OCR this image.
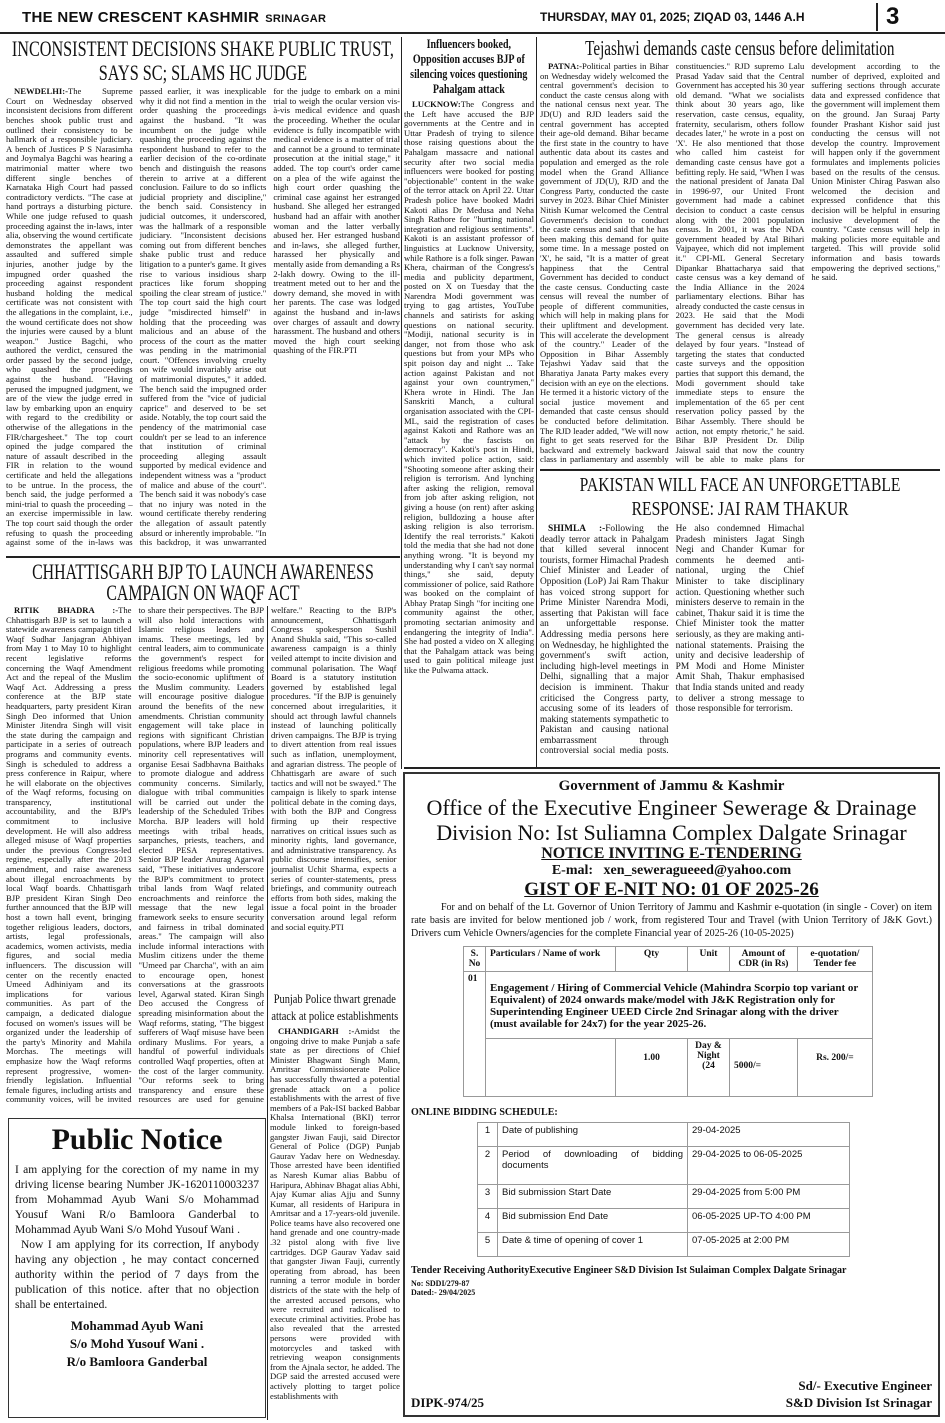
THE NEW CRESCENT KASHMIR SRINAGAR	THURSDAY, MAY 01, 2025; ZIQAD 03, 1446 A.H	3
INCONSISTENT DECISIONS SHAKE PUBLIC TRUST, SAYS SC; SLAMS HC JUDGE

NEWDELHI:-The Supreme Court on Wednesday observed inconsistent decisions from different benches shook public trust and outlined their consistency to be hallmark of a responsible judiciary. A bench of Justices P S Narasimha and Joymalya Bagchi was hearing a matrimonial matter where two different single benches of Karnataka High Court had passed contradictory verdicts. "The case at hand portrays a disturbing picture. While one judge refused to quash proceeding against the in-laws, inter alia, observing the wound certificate demonstrates the appellant was assaulted and suffered simple injuries, another judge by the impugned order quashed the proceeding against respondent husband holding the medical certificate was not consistent with the allegations in the complaint, i.e., the wound certificate does not show the injuries were caused by a blunt weapon." Justice Bagchi, who authored the verdict, censured the order passed by the second judge, who quashed the proceedings against the husband. "Having perused the impugned judgment, we are of the view the judge erred in law by embarking upon an enquiry with regard to the credibility or otherwise of the allegations in the FIR/chargesheet." The top court opined the judge compared the nature of assault described in the FIR in relation to the wound certificate and held the allegations to be untrue. In the process, the bench said, the judge performed a mini-trial to quash the proceeding – an exercise impermissible in law. The top court said though the order refusing to quash the proceeding against some of the in-laws was passed earlier, it was inexplicable why it did not find a mention in the order quashing the proceedings against the husband. "It was incumbent on the judge while quashing the proceeding against the respondent husband to refer to the earlier decision of the co-ordinate bench and distinguish the reasons therein to arrive at a different conclusion. Failure to do so inflicts judicial propriety and discipline," the bench said. Consistency in judicial outcomes, it underscored, was the hallmark of a responsible judiciary. "Inconsistent decisions coming out from different benches shake public trust and reduce litigation to a punter's game. It gives rise to various insidious sharp practices like forum shopping spoiling the clear stream of justice." The top court said the high court judge "misdirected himself" in holding that the proceeding was malicious and an abuse of the process of the court as the matter was pending in the matrimonial court. "Offences involving cruelty on wife would invariably arise out of matrimonial disputes," it added. The bench said the impugned order suffered from the "vice of judicial caprice" and deserved to be set aside. Notably, the top court said the pendency of the matrimonial case couldn't per se lead to an inference that institution of criminal proceeding alleging assault supported by medical evidence and independent witness was a "product of malice and abuse of the court". The bench said it was nobody's case that no injury was noted in the wound certificate thereby rendering the allegation of assault patently absurd or inherently improbable. "In this backdrop, it was unwarranted for the judge to embark on a mini trial to weigh the ocular version vis-à-vis medical evidence and quash the proceeding. Whether the ocular evidence is fully incompatible with medical evidence is a matter of trial and cannot be a ground to terminate prosecution at the initial stage," it added. The top court's order came on a plea of the wife against the high court order quashing the criminal case against her estranged husband. She alleged her estranged husband had an affair with another woman and the latter verbally abused her. Her estranged husband and in-laws, she alleged further, harassed her physically and mentally aside from demanding a Rs 2-lakh dowry. Owing to the ill-treatment meted out to her and the dowry demand, she moved in with her parents. The case was lodged against the husband and in-laws over charges of assault and dowry harassment. The husband and others moved the high court seeking quashing of the FIR.PTI

Influencers booked, Opposition accuses BJP of silencing voices questioning Pahalgam attack

LUCKNOW:The Congress and the Left have accused the BJP governments at the Centre and in Uttar Pradesh of trying to silence those raising questions about the Pahalgam massacre and national security after two social media influencers were booked for posting "objectionable" content in the wake of the terror attack on April 22. Uttar Pradesh police have booked Madri Kakoti alias Dr Medusa and Neha Singh Rathore for "hurting national integration and religious sentiments". Kakoti is an assistant professor of linguistics at Lucknow University, while Rathore is a folk singer. Pawan Khera, chairman of the Congress's media and publicity department, posted on X on Tuesday that the Narendra Modi government was trying to gag artistes, YouTube channels and satirists for asking questions on national security. "Modiji, national security is in danger, not from those who ask questions but from your MPs who spit poison day and night ... Take action against Pakistan and not against your own countrymen," Khera wrote in Hindi. The Jan Sanskriti Manch, a cultural organisation associated with the CPI-ML, said the registration of cases against Kakoti and Rathore was an "attack by the fascists on democracy". Kakoti's post in Hindi, which invited police action, said: "Shooting someone after asking their religion is terrorism. And lynching after asking the religion, removal from job after asking religion, not giving a house (on rent) after asking religion, bulldozing a house after asking religion is also terrorism. Identify the real terrorists." Kakoti told the media that she had not done anything wrong. "It is beyond my understanding why I can't say normal things," she said, deputy commissioner of police, said Rathore was booked on the complaint of Abhay Pratap Singh "for inciting one community against the other, promoting sectarian animosity and endangering the integrity of India". She had posted a video on X alleging that the Pahalgam attack was being used to gain political mileage just like the Pulwama attack.

Tejashwi demands caste census before delimitation

PATNA:-Political parties in Bihar on Wednesday widely welcomed the central government's decision to conduct the caste census along with the national census next year. The JD(U) and RJD leaders said the central government has accepted their age-old demand. Bihar became the first state in the country to have authentic data about its castes and population and emerged as the role model when the Grand Alliance government of JD(U), RJD and the Congress Party, conducted the caste survey in 2023. Bihar Chief Minister Nitish Kumar welcomed the Central Government's decision to conduct the caste census and said that he has been making this demand for quite some time. In a message posted on 'X', he said, "It is a matter of great happiness that the Central Government has decided to conduct the caste census. Conducting caste census will reveal the number of people of different communities, which will help in making plans for their upliftment and development. This will accelerate the development of the country." Leader of the Opposition in Bihar Assembly Tejashwi Yadav said that the Bharatiya Janata Party makes every decision with an eye on the elections. He termed it a historic victory of the social justice movement and demanded that caste census should be conducted before delimitation. The RJD leader added, "We will now fight to get seats reserved for the backward and extremely backward class in parliamentary and assembly constituencies." RJD supremo Lalu Prasad Yadav said that the Central Government has accepted his 30 year old demand. "What we socialists think about 30 years ago, like reservation, caste census, equality, fraternity, secularism, others follow decades later," he wrote in a post on 'X'. He also mentioned that those who called him casteist for demanding caste census have got a befitting reply. He said, "When I was the national president of Janata Dal in 1996-97, our United Front government had made a cabinet decision to conduct a caste census along with the 2001 population census. In 2001, it was the NDA government headed by Atal Bihari Vajpayee, which did not implement it." CPI-ML General Secretary Dipankar Bhattacharya said that caste census was a key demand of the India Alliance in the 2024 parliamentary elections. Bihar has already conducted the caste census in 2023. He said that the Modi government has decided very late. The general census is already delayed by four years. "Instead of targeting the states that conducted caste surveys and the opposition parties that support this demand, the Modi government should take immediate steps to ensure the implementation of the 65 per cent reservation policy passed by the Bihar Assembly. There should be action, not empty rhetoric," he said. Bihar BJP President Dr. Dilip Jaiswal said that now the country will be able to make plans for development according to the number of deprived, exploited and suffering sections through accurate data and expressed confidence that the government will implement them on the ground. Jan Suraaj Party founder Prashant Kishor said just conducting the census will not develop the country. Improvement will happen only if the government formulates and implements policies based on the results of the census. Union Minister Chirag Paswan also welcomed the decision and expressed confidence that this decision will be helpful in ensuring inclusive development of the country. "Caste census will help in making policies more equitable and targeted. This will provide solid information and basis towards empowering the deprived sections," he said.

PAKISTAN WILL FACE AN UNFORGETTABLE RESPONSE: JAI RAM THAKUR

SHIMLA :-Following the deadly terror attack in Pahalgam that killed several innocent tourists, former Himachal Pradesh Chief Minister and Leader of Opposition (LoP) Jai Ram Thakur has voiced strong support for Prime Minister Narendra Modi, asserting that Pakistan will face an unforgettable response. Addressing media persons here on Wednesday, he highlighted the government's swift action, including high-level meetings in Delhi, signalling that a major decision is imminent. Thakur criticised the Congress party, accusing some of its leaders of making statements sympathetic to Pakistan and causing national embarrassment through controversial social media posts. He also condemned Himachal Pradesh ministers Jagat Singh Negi and Chander Kumar for comments he deemed anti-national, urging the Chief Minister to take disciplinary action. Questioning whether such ministers deserve to remain in the cabinet, Thakur said it is time the Chief Minister took the matter seriously, as they are making anti-national statements. Praising the unity and decisive leadership of PM Modi and Home Minister Amit Shah, Thakur emphasised that India stands united and ready to deliver a strong message to those responsible for terrorism.

CHHATTISGARH BJP TO LAUNCH AWARENESS CAMPAIGN ON WAQF ACT

RITIK BHADRA :-The Chhattisgarh BJP is set to launch a statewide awareness campaign titled Waqf Sudhar Janjagran Abhiyan from May 1 to May 10 to highlight recent legislative reforms concerning the Waqf Amendment Act and the repeal of the Muslim Waqf Act. Addressing a press conference at the BJP state headquarters, party president Kiran Singh Deo informed that Union Minister Jitendra Singh will visit the state during the campaign and participate in a series of outreach programs and community events. Singh is scheduled to address a press conference in Raipur, where he will elaborate on the objectives of the Waqf reforms, focusing on transparency, institutional accountability, and the BJP's commitment to inclusive development. He will also address alleged misuse of Waqf properties under the previous Congress-led regime, especially after the 2013 amendment, and raise awareness about illegal encroachments by local Waqf boards. Chhattisgarh BJP president Kiran Singh Deo further announced that the BJP will host a town hall event, bringing together religious leaders, doctors, artists, legal professionals, academics, women activists, media figures, and social media influencers. The discussion will center on the recently enacted Umeed Adhiniyam and its implications for various communities. As part of the campaign, a dedicated dialogue focused on women's issues will be organized under the leadership of the party's Minority and Mahila Morchas. The meetings will emphasize how the Waqf reforms represent progressive, women-friendly legislation. Influential female figures, including artists and community voices, will be invited to share their perspectives. The BJP will also hold interactions with Islamic religious leaders and imams. These meetings, led by central leaders, aim to communicate the government's respect for religious freedoms while promoting the socio-economic upliftment of the Muslim community. Leaders will encourage positive dialogue around the benefits of the new amendments. Christian community engagement will take place in regions with significant Christian populations, where BJP leaders and minority cell representatives will organise Eesai Sadbhavna Baithaks to promote dialogue and address community concerns. Similarly, dialogue with tribal communities will be carried out under the leadership of the Scheduled Tribes Morcha. BJP leaders will hold meetings with tribal heads, sarpanches, priests, teachers, and elected PESA representatives. Senior BJP leader Anurag Agarwal said, "These initiatives underscore the BJP's commitment to protect tribal lands from Waqf related encroachments and reinforce the message that the new legal framework seeks to ensure security and fairness in tribal dominated areas." The campaign will also include informal interactions with Muslim citizens under the theme "Umeed par Charcha", with an aim to encourage open, honest conversations at the grassroots level, Agarwal stated. Kiran Singh Deo accused the Congress of spreading misinformation about the Waqf reforms, stating, "The biggest sufferers of Waqf misuse have been ordinary Muslims. For years, a handful of powerful individuals controlled Waqf properties, often at the cost of the larger community. "Our reforms seek to bring transparency and ensure these resources are used for genuine welfare." Reacting to the BJP's announcement, Chhattisgarh Congress spokesperson Sushil Anand Shukla said, "This so-called awareness campaign is a thinly veiled attempt to incite division and communal polarisation. The Waqf Board is a statutory institution governed by established legal procedures. "If the BJP is genuinely concerned about irregularities, it should act through lawful channels instead of launching politically driven campaigns. The BJP is trying to divert attention from real issues such as inflation, unemployment, and agrarian distress. The people of Chhattisgarh are aware of such tactics and will not be swayed." The campaign is likely to spark intense political debate in the coming days, with both the BJP and Congress firming up their respective narratives on critical issues such as minority rights, land governance, and administrative transparency. As public discourse intensifies, senior journalist Uchit Sharma, expects a series of counter-statements, press briefings, and community outreach efforts from both sides, making the issue a focal point in the broader conversation around legal reform and social equity.PTI

Punjab Police thwart grenade attack at police establishments

CHANDIGARH :-Amidst the ongoing drive to make Punjab a safe state as per directions of Chief Minister Bhagwant Singh Mann, Amritsar Commissionerate Police has successfully thwarted a potential grenade attack on a police establishments with the arrest of five members of a Pak-ISI backed Babbar Khalsa International (BKI) terror module linked to foreign-based gangster Jiwan Fauji, said Director General of Police (DGP) Punjab Gaurav Yadav here on Wednesday. Those arrested have been identified as Naresh Kumar alias Babbu of Haripura, Abhinav Bhagat alias Abhi, Ajay Kumar alias Ajju and Sunny Kumar, all residents of Haripura in Amritsar and a 17-years-old juvenile. Police teams have also recovered one hand grenade and one country-made .32 pistol along with five live cartridges. DGP Gaurav Yadav said that gangster Jiwan Fauji, currently operating from abroad, has been running a terror module in border districts of the state with the help of the arrested accused persons, who were recruited and radicalised to execute criminal activities. Probe has also revealed that the arrested persons were provided with motorcycles and tasked with retrieving weapon consignments from the Ajnala sector, he added. The DGP said the arrested accused were actively plotting to target police establishments with

Public Notice
I am applying for the corection of my name in my driving license bearing Number JK-1620110003237 from Mohammad Ayub Wani S/o Mohammad Yousuf Wani R/o Bamloora Ganderbal to Mohammad Ayub Wani S/o Mohd Yusouf Wani .
Now I am applying for its correction, If anybody having any objection , he may contact concerned authority within the period of 7 days from the publication of this notice. after that no objection shall be entertained.
Mohammad Ayub Wani
S/o Mohd Yusouf Wani .
R/o Bamloora Ganderbal
Government of Jammu & Kashmir
Office of the Executive Engineer Sewerage & Drainage Division No: Ist Suliamna Complex Dalgate Srinagar
NOTICE INVITING E-TENDERING
E-mal: xen_seweragueeed@yahoo.com
GIST OF E-NIT NO: 01 OF 2025-26
For and on behalf of the Lt. Governor of Union Territory of Jammu and Kashmir e-quotation (in single - Cover) on item rate basis are invited for below mentioned job / work, from registered Tour and Travel (with Union Territory of J&K Govt.) Drivers cum Vehicle Owners/agencies for the complete Financial year of 2025-26 (10-05-2025)
S. No	Particulars / Name of work	Qty	Unit	Amount of CDR (in Rs)	e-quotation/ Tender fee
01	Engagement / Hiring of Commercial Vehicle (Mahindra Scorpio top variant or Equivalent) of 2024 onwards make/model with J&K Registration only for Superintending Engineer UEED Circle 2nd Srinagar along with the driver (must available for 24x7) for the year 2025-26.				
		1.00	Day & Night (24	5000/=	Rs. 200/=
ONLINE BIDDING SCHEDULE:
1	Date of publishing	29-04-2025
2	Period of downloading of bidding documents	29-04-2025 to 06-05-2025
3	Bid submission Start Date	29-04-2025 from 5:00 PM
4	Bid submission End Date	06-05-2025 UP-TO 4:00 PM
5	Date & time of opening of cover 1	07-05-2025 at 2:00 PM
Tender Receiving AuthorityExecutive Engineer S&D Division Ist Sulaiman Complex Dalgate Srinagar
No: SDDI/279-87
Dated:- 29/04/2025
DIPK-974/25
Sd/- Executive Engineer
S&D Division Ist Srinagar
